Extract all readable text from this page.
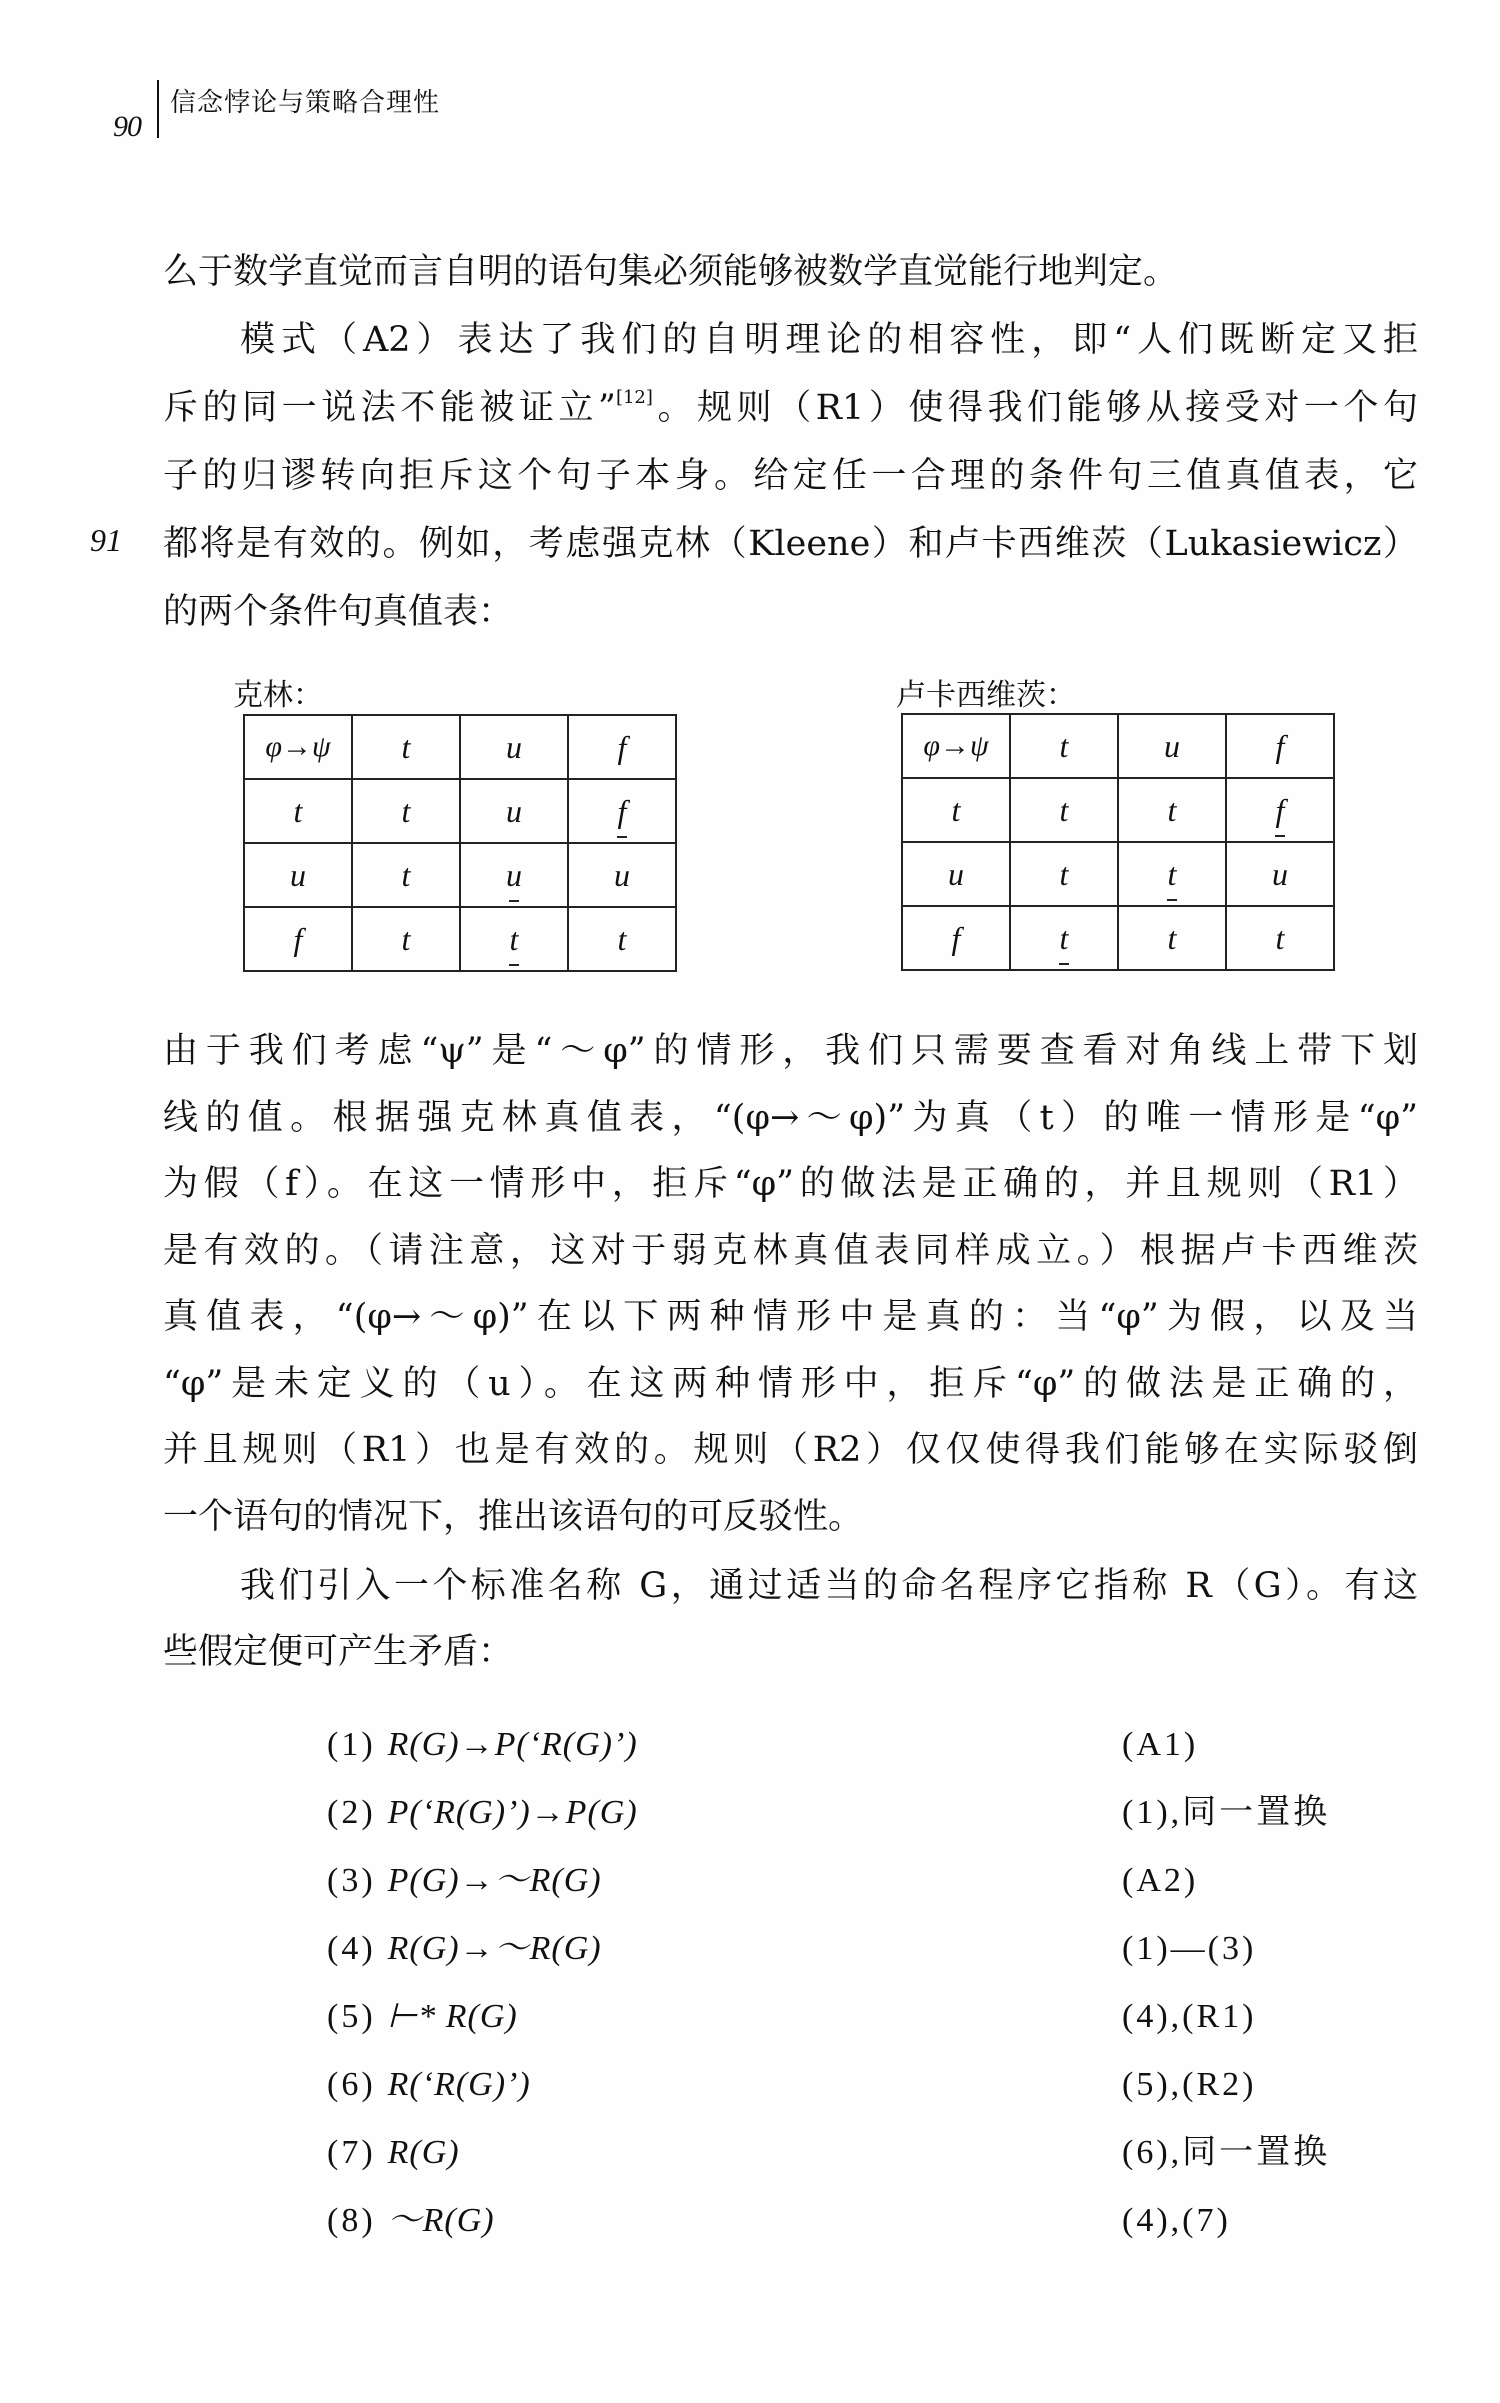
90
信念悖论与策略合理性
91
么于数学直觉而言自明的语句集必须能够被数学直觉能行地判定。
模式（A2）表达了我们的自明理论的相容性，即“人们既断定又拒
斥的同一说法不能被证立”[12]。规则（R1）使得我们能够从接受对一个句
子的归谬转向拒斥这个句子本身。给定任一合理的条件句三值真值表，它
都将是有效的。例如，考虑强克林（Kleene）和卢卡西维茨（Lukasiewicz）
的两个条件句真值表：
克林：
φ→ψ	t	u	f
t	t	u	f
u	t	u	u
f	t	t	t
卢卡西维茨：
φ→ψ	t	u	f
t	t	t	f
u	t	t	u
f	t	t	t
由于我们考虑“ψ”是“～φ”的情形，我们只需要查看对角线上带下划
线的值。根据强克林真值表，“(φ→～φ)”为真（t）的唯一情形是“φ”
为假（f）。在这一情形中，拒斥“φ”的做法是正确的，并且规则（R1）
是有效的。（请注意，这对于弱克林真值表同样成立。）根据卢卡西维茨
真值表，“(φ→～φ)”在以下两种情形中是真的：当“φ”为假，以及当
“φ”是未定义的（u）。在这两种情形中，拒斥“φ”的做法是正确的，
并且规则（R1）也是有效的。规则（R2）仅仅使得我们能够在实际驳倒
一个语句的情况下，推出该语句的可反驳性。
我们引入一个标准名称 G，通过适当的命名程序它指称 R（G）。有这
些假定便可产生矛盾：
(1) R(G)→P(‘R(G)’)	(A1)
(2) P(‘R(G)’)→P(G)	(1),同一置换
(3) P(G)→～R(G)	(A2)
(4) R(G)→～R(G)	(1)—(3)
(5) ⊢* R(G)	(4),(R1)
(6) R(‘R(G)’)	(5),(R2)
(7) R(G)	(6),同一置换
(8) ～R(G)	(4),(7)
